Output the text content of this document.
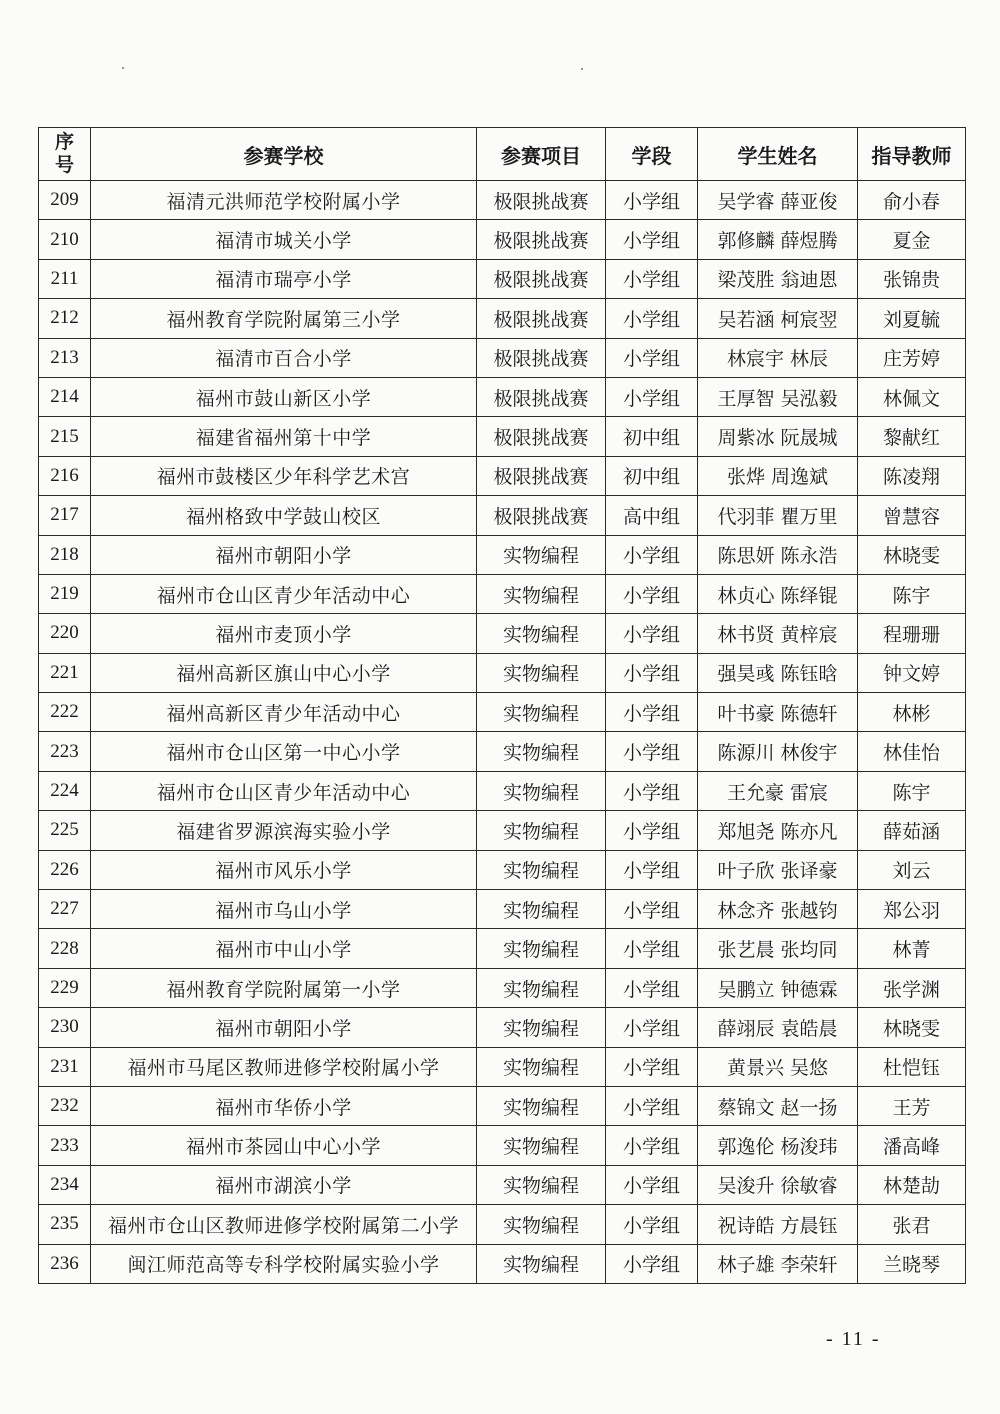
序号	参赛学校	参赛项目	学段	学生姓名	指导教师
209	福清元洪师范学校附属小学	极限挑战赛	小学组	吴学睿 薛亚俊	俞小春
210	福清市城关小学	极限挑战赛	小学组	郭修麟 薛煜腾	夏金
211	福清市瑞亭小学	极限挑战赛	小学组	梁茂胜 翁迪恩	张锦贵
212	福州教育学院附属第三小学	极限挑战赛	小学组	吴若涵 柯宸翌	刘夏毓
213	福清市百合小学	极限挑战赛	小学组	林宸宇 林辰	庄芳婷
214	福州市鼓山新区小学	极限挑战赛	小学组	王厚智 吴泓毅	林佩文
215	福建省福州第十中学	极限挑战赛	初中组	周紫冰 阮晟城	黎献红
216	福州市鼓楼区少年科学艺术宫	极限挑战赛	初中组	张烨 周逸斌	陈凌翔
217	福州格致中学鼓山校区	极限挑战赛	高中组	代羽菲 瞿万里	曾慧容
218	福州市朝阳小学	实物编程	小学组	陈思妍 陈永浩	林晓雯
219	福州市仓山区青少年活动中心	实物编程	小学组	林贞心 陈绎锟	陈宇
220	福州市麦顶小学	实物编程	小学组	林书贤 黄梓宸	程珊珊
221	福州高新区旗山中心小学	实物编程	小学组	强昊彧 陈钰晗	钟文婷
222	福州高新区青少年活动中心	实物编程	小学组	叶书豪 陈德轩	林彬
223	福州市仓山区第一中心小学	实物编程	小学组	陈源川 林俊宇	林佳怡
224	福州市仓山区青少年活动中心	实物编程	小学组	王允豪 雷宸	陈宇
225	福建省罗源滨海实验小学	实物编程	小学组	郑旭尧 陈亦凡	薛茹涵
226	福州市风乐小学	实物编程	小学组	叶子欣 张译豪	刘云
227	福州市乌山小学	实物编程	小学组	林念齐 张越钧	郑公羽
228	福州市中山小学	实物编程	小学组	张艺晨 张均同	林菁
229	福州教育学院附属第一小学	实物编程	小学组	吴鹏立 钟德霖	张学渊
230	福州市朝阳小学	实物编程	小学组	薛翊辰 袁皓晨	林晓雯
231	福州市马尾区教师进修学校附属小学	实物编程	小学组	黄景兴 吴悠	杜恺钰
232	福州市华侨小学	实物编程	小学组	蔡锦文 赵一扬	王芳
233	福州市茶园山中心小学	实物编程	小学组	郭逸伦 杨浚玮	潘高峰
234	福州市湖滨小学	实物编程	小学组	吴浚升 徐敏睿	林楚劼
235	福州市仓山区教师进修学校附属第二小学	实物编程	小学组	祝诗皓 方晨钰	张君
236	闽江师范高等专科学校附属实验小学	实物编程	小学组	林子雄 李荣轩	兰晓琴
- 11 -
